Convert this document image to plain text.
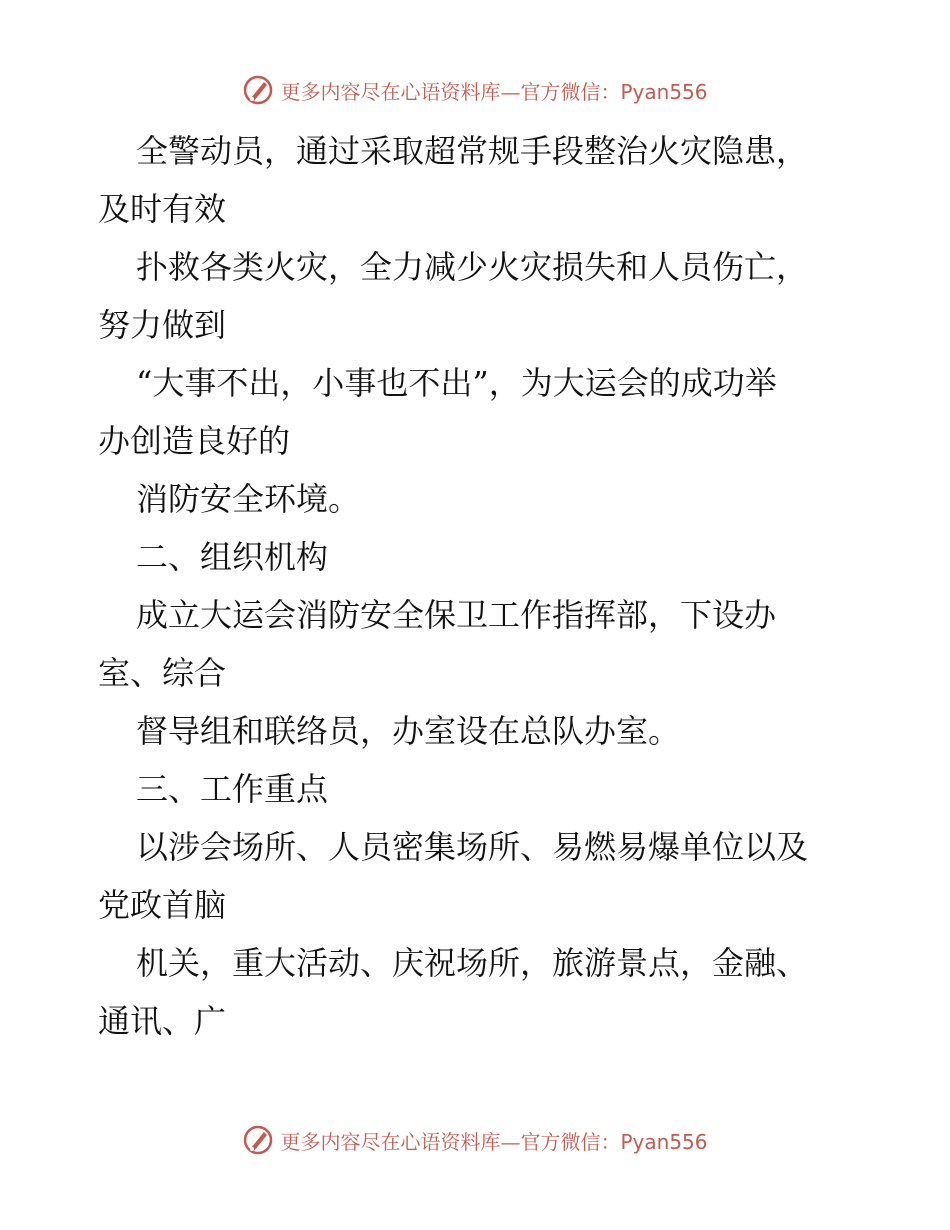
更多内容尽在心语资料库—官方微信：Pyan556
全警动员，通过采取超常规手段整治火灾隐患，
及时有效
扑救各类火灾，全力减少火灾损失和人员伤亡，
努力做到
“大事不出，小事也不出”，为大运会的成功举
办创造良好的
消防安全环境。
二、组织机构
成立大运会消防安全保卫工作指挥部，下设办
室、综合
督导组和联络员，办室设在总队办室。
三、工作重点
以涉会场所、人员密集场所、易燃易爆单位以及
党政首脑
机关，重大活动、庆祝场所，旅游景点，金融、
通讯、广
更多内容尽在心语资料库—官方微信：Pyan556
